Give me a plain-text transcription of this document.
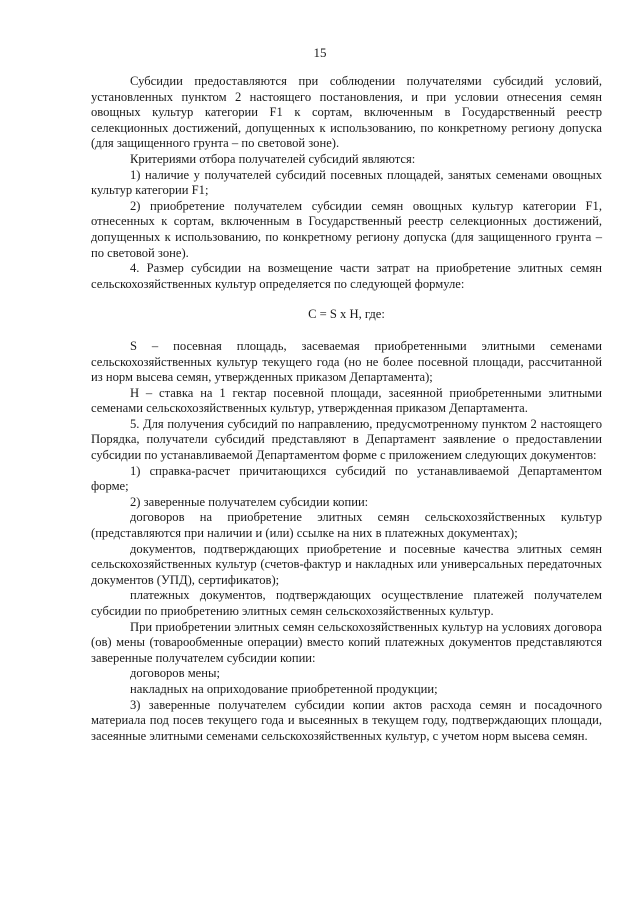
15

Субсидии предоставляются при соблюдении получателями субсидий условий, установленных пунктом 2 настоящего постановления, и при условии отнесения семян овощных культур категории F1 к сортам, включенным в Государственный реестр селекционных достижений, допущенных к использованию, по конкретному региону допуска (для защищенного грунта – по световой зоне).

Критериями отбора получателей субсидий являются:

1) наличие у получателей субсидий посевных площадей, занятых семенами овощных культур категории F1;

2) приобретение получателем субсидии семян овощных культур категории F1, отнесенных к сортам, включенным в Государственный реестр селекционных достижений, допущенных к использованию, по конкретному региону допуска (для защищенного грунта – по световой зоне).

4. Размер субсидии на возмещение части затрат на приобретение элитных семян сельскохозяйственных культур определяется по следующей формуле:

С = S х Н, где:

S – посевная площадь, засеваемая приобретенными элитными семенами сельскохозяйственных культур текущего года (но не более посевной площади, рассчитанной из норм высева семян, утвержденных приказом Департамента);

Н – ставка на 1 гектар посевной площади, засеянной приобретенными элитными семенами сельскохозяйственных культур, утвержденная приказом Департамента.

5. Для получения субсидий по направлению, предусмотренному пунктом 2 настоящего Порядка, получатели субсидий представляют в Департамент заявление о предоставлении субсидии по устанавливаемой Департаментом форме с приложением следующих документов:

1) справка-расчет причитающихся субсидий по устанавливаемой Департаментом форме;

2) заверенные получателем субсидии копии:

договоров на приобретение элитных семян сельскохозяйственных культур (представляются при наличии и (или) ссылке на них в платежных документах);

документов, подтверждающих приобретение и посевные качества элитных семян сельскохозяйственных культур (счетов-фактур и накладных или универсальных передаточных документов (УПД), сертификатов);

платежных документов, подтверждающих осуществление платежей получателем субсидии по приобретению элитных семян сельскохозяйственных культур.

При приобретении элитных семян сельскохозяйственных культур на условиях договора (ов) мены (товарообменные операции) вместо копий платежных документов представляются заверенные получателем субсидии копии:

договоров мены;

накладных на оприходование приобретенной продукции;

3) заверенные получателем субсидии копии актов расхода семян и посадочного материала под посев текущего года и высеянных в текущем году, подтверждающих площади, засеянные элитными семенами сельскохозяйственных культур, с учетом норм высева семян.
